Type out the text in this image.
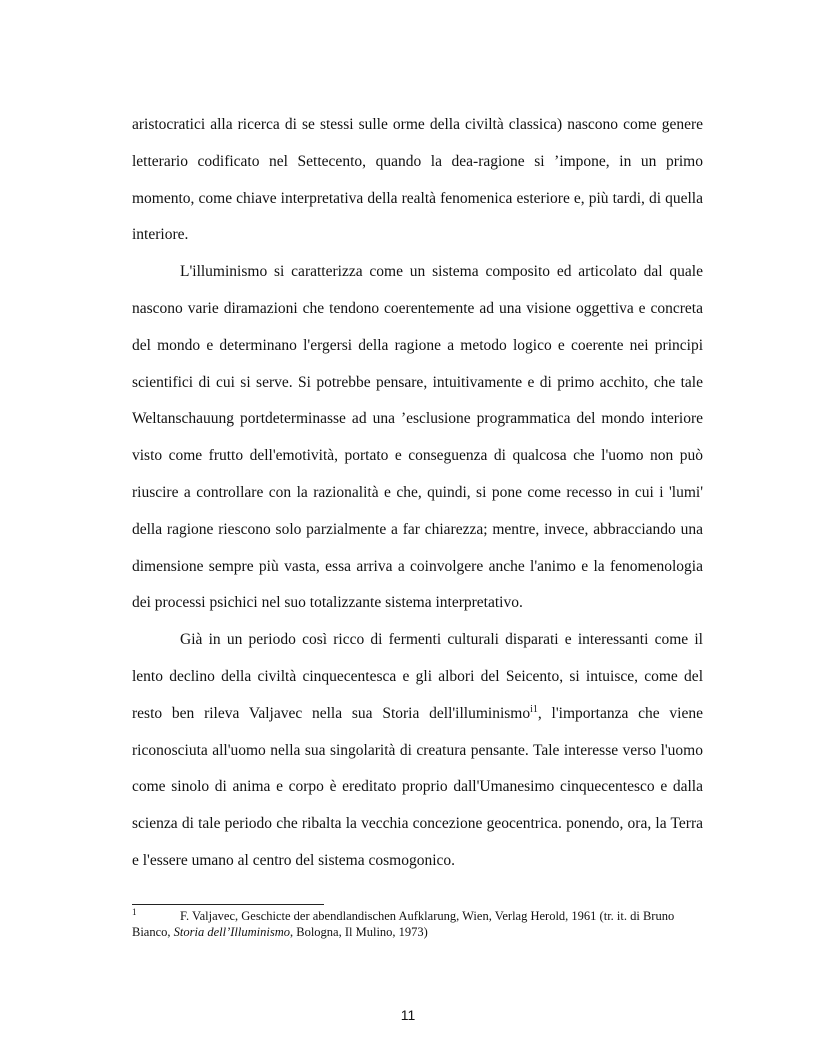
aristocratici alla ricerca di se stessi sulle orme della civiltà classica) nascono come genere letterario codificato nel Settecento, quando la dea-ragione si ’impone, in un primo momento, come chiave interpretativa della realtà fenomenica esteriore e, più tardi, di quella interiore.

L'illuminismo si caratterizza come un sistema composito ed articolato dal quale nascono varie diramazioni che tendono coerentemente ad una visione oggettiva e concreta del mondo e determinano l'ergersi della ragione a metodo logico e coerente nei principi scientifici di cui si serve. Si potrebbe pensare, intuitivamente e di primo acchito, che tale Weltanschauung portdeterminasse ad una ’esclusione programmatica del mondo interiore visto come frutto dell'emotività, portato e conseguenza di qualcosa che l'uomo non può riuscire a controllare con la razionalità e che, quindi, si pone come recesso in cui i 'lumi' della ragione riescono solo parzialmente a far chiarezza; mentre, invece, abbracciando una dimensione sempre più vasta, essa arriva a coinvolgere anche l'animo e la fenomenologia dei processi psichici nel suo totalizzante sistema interpretativo.

Già in un periodo così ricco di fermenti culturali disparati e interessanti come il lento declino della civiltà cinquecentesca e gli albori del Seicento, si intuisce, come del resto ben rileva Valjavec nella sua Storia dell'illuminismo$^{i1}$, l'importanza che viene riconosciuta all'uomo nella sua singolarità di creatura pensante. Tale interesse verso l'uomo come sinolo di anima e corpo è ereditato proprio dall'Umanesimo cinquecentesco e dalla scienza di tale periodo che ribalta la vecchia concezione geocentrica. ponendo, ora, la Terra e l'essere umano al centro del sistema cosmogonico.

1	F. Valjavec, Geschicte der abendlandischen Aufklarung, Wien, Verlag Herold, 1961 (tr. it. di Bruno Bianco, Storia dell’Illuminismo, Bologna, Il Mulino, 1973)

11
